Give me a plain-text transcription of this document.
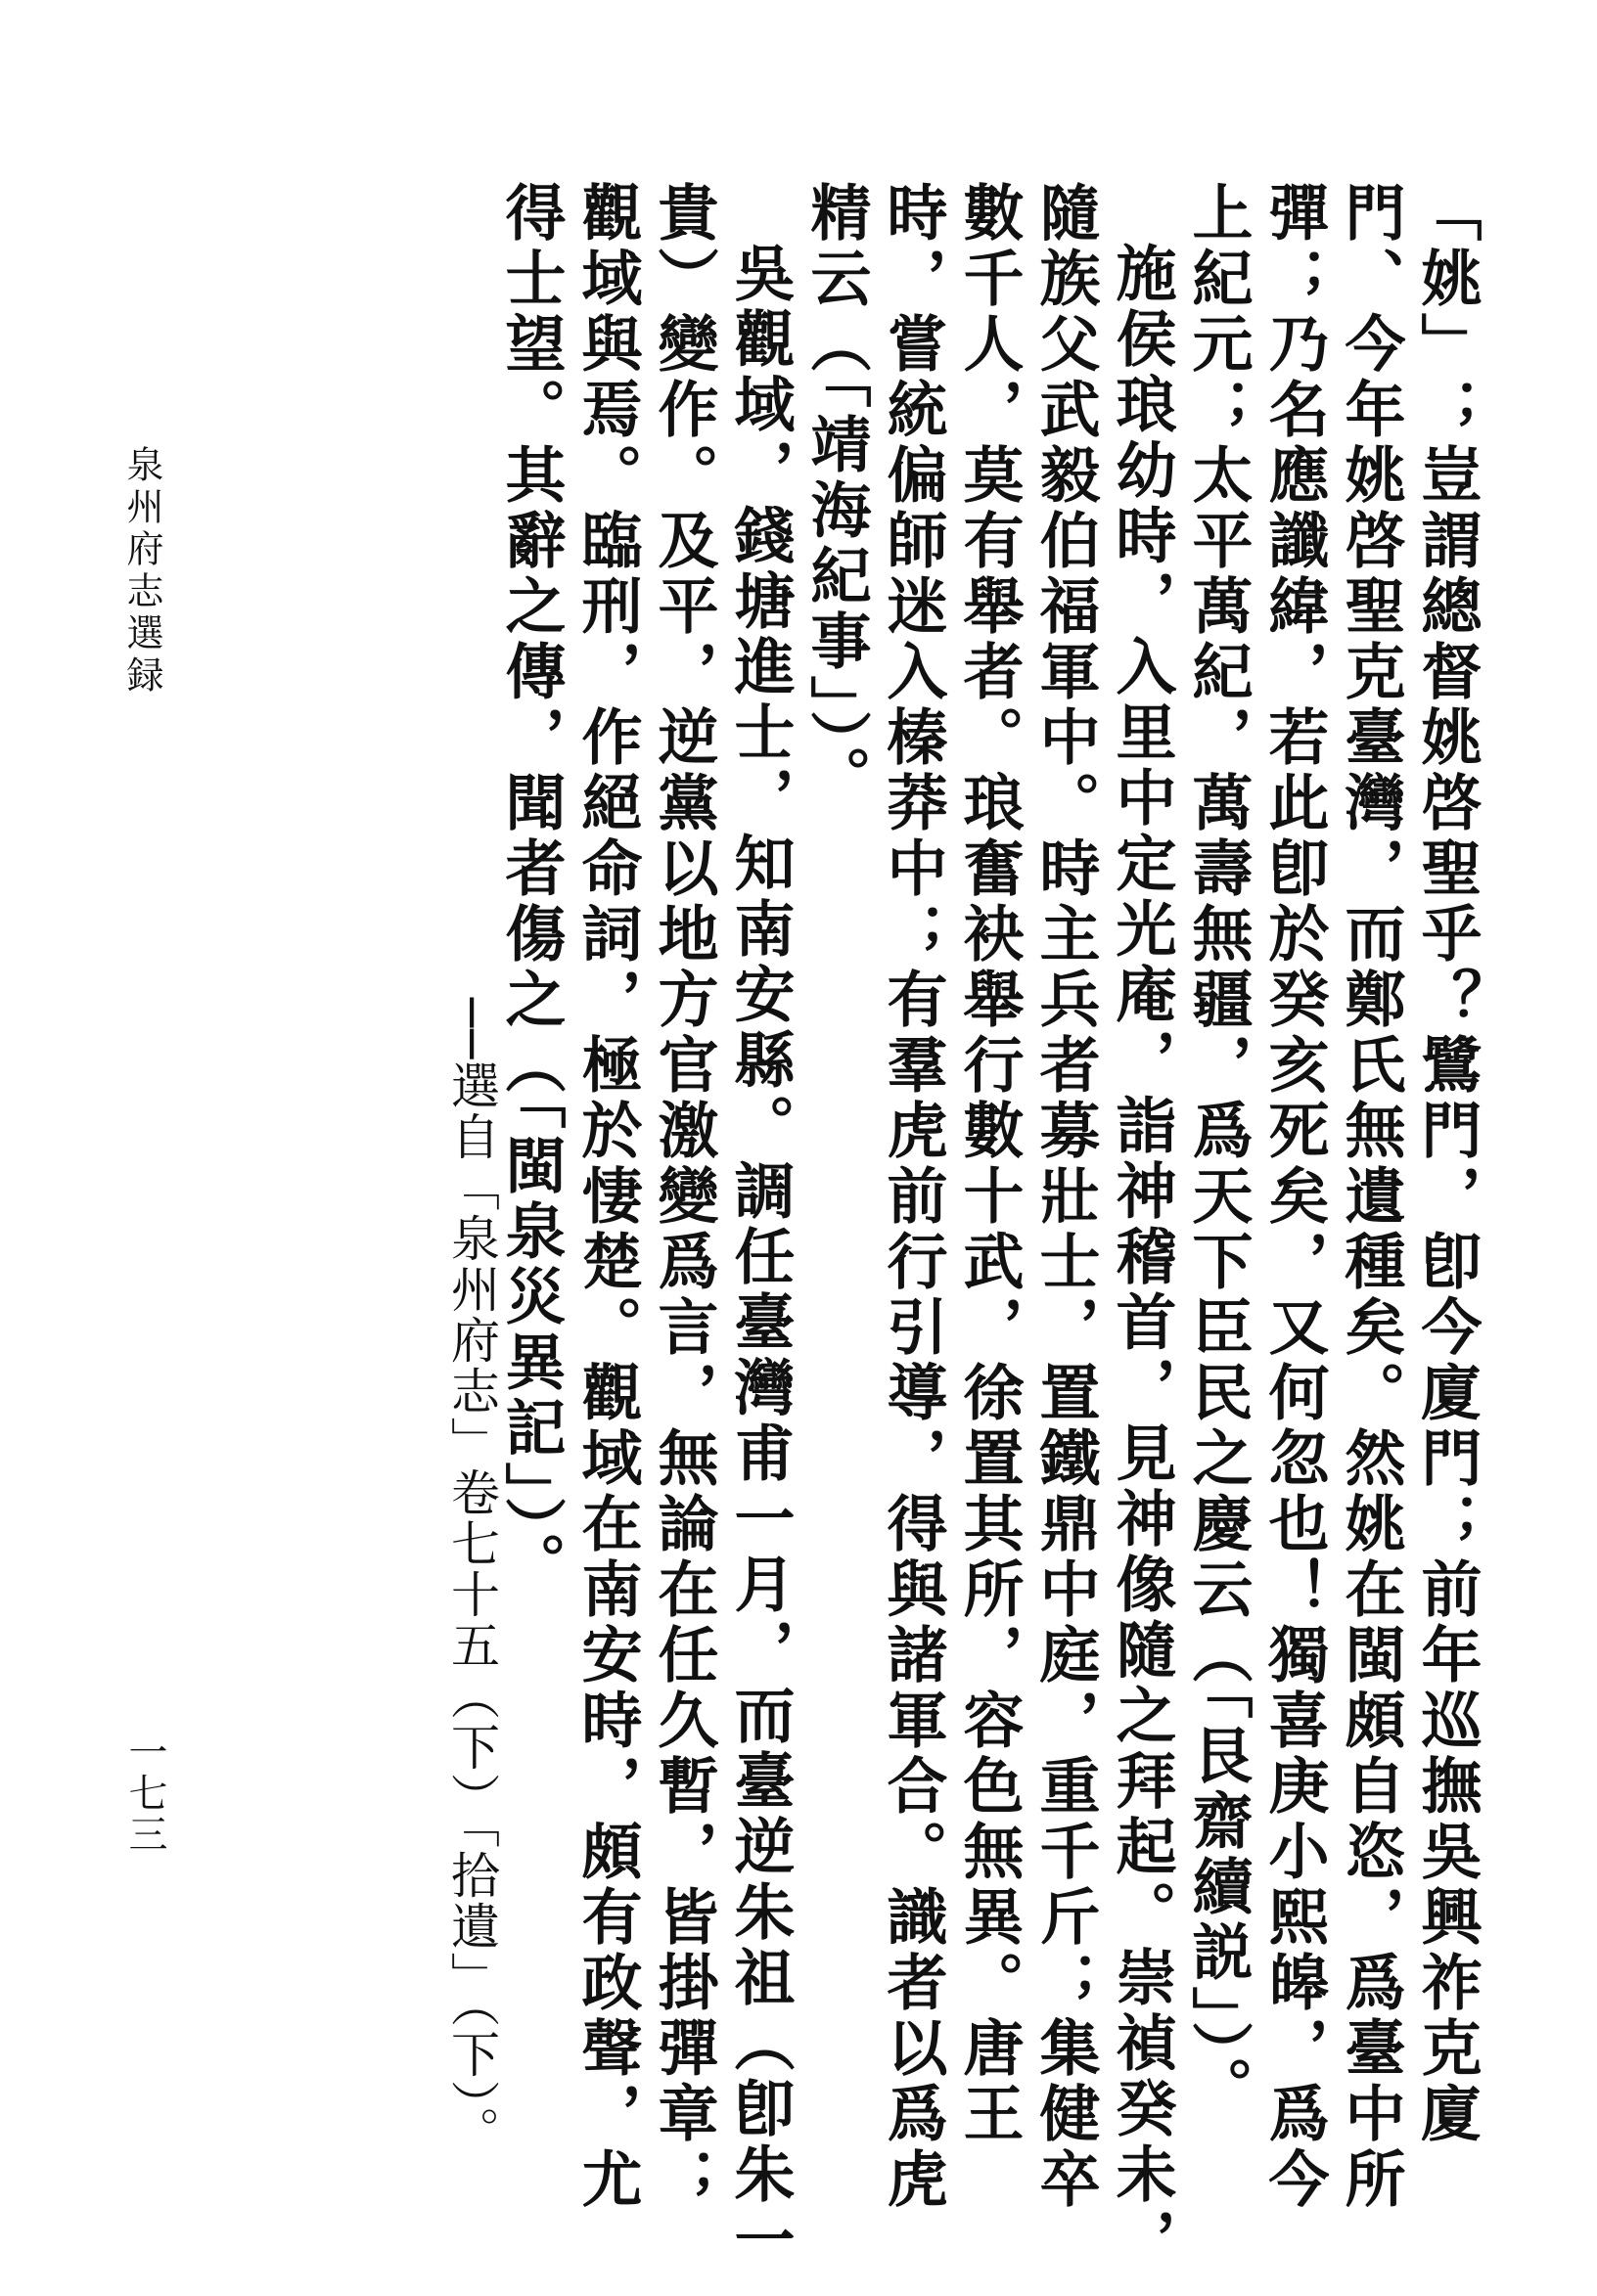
「姚」；豈謂總督姚啓聖乎？鷺門，卽今廈門；前年巡撫吳興祚克廈門、今年姚啓聖克臺灣，而鄭氏無遺種矣。然姚在閩頗自恣，爲臺中所彈；乃名應讖緯，若此卽於癸亥死矣，又何忽也！獨喜庚小熙皞，爲今上紀元；太平萬紀，萬壽無疆，爲天下臣民之慶云（「艮齋續説」）。

施侯琅幼時，入里中定光庵，詣神稽首，見神像隨之拜起。崇禎癸未，隨族父武毅伯福軍中。時主兵者募壯士，置鐵鼎中庭，重千斤；集健卒數千人，莫有舉者。琅奮袂舉行數十武，徐置其所，容色無異。唐王時，嘗統偏師迷入榛莽中；有羣虎前行引導，得與諸軍合。識者以爲虎精云（「靖海紀事」）。

吳觀域，錢塘進士，知南安縣。調任臺灣甫一月，而臺逆朱祖（卽朱一貴）變作。及平，逆黨以地方官激變爲言，無論在任久暫，皆掛彈章；觀域與焉。臨刑，作絕命詞，極於悽楚。觀域在南安時，頗有政聲，尤得士望。其辭之傳，聞者傷之（「閩泉災異記」）。

──選自「泉州府志」卷七十五（下）「拾遺」（下）。
泉州府志選録
一七三
